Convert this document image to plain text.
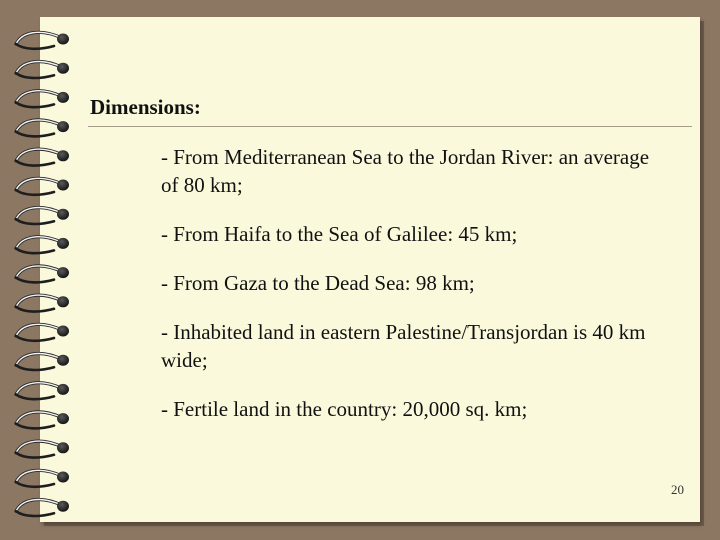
Dimensions:
- From Mediterranean Sea to the Jordan River: an average of 80 km;
- From Haifa to the Sea of Galilee: 45 km;
- From Gaza to the Dead Sea: 98 km;
- Inhabited land in eastern Palestine/Transjordan is 40 km wide;
- Fertile land in the country: 20,000 sq. km;
20
